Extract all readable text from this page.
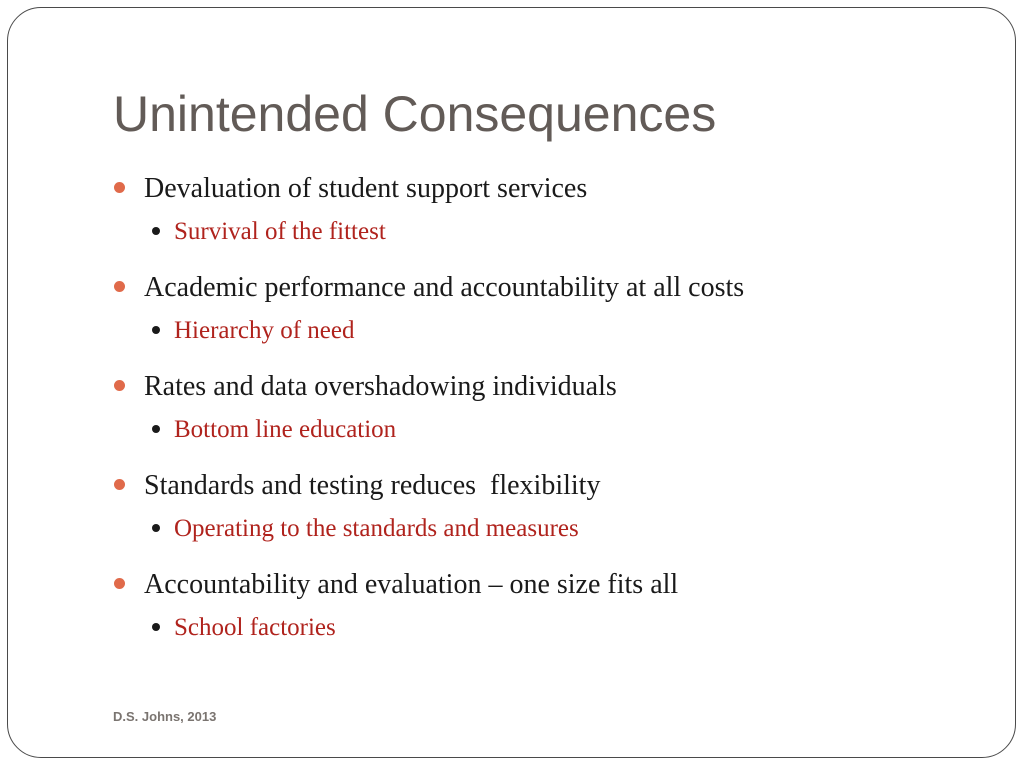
Unintended Consequences
Devaluation of student support services
Survival of the fittest
Academic performance and accountability at all costs
Hierarchy of need
Rates and data overshadowing individuals
Bottom line education
Standards and testing reduces  flexibility
Operating to the standards and measures
Accountability and evaluation – one size fits all
School factories
D.S. Johns, 2013
